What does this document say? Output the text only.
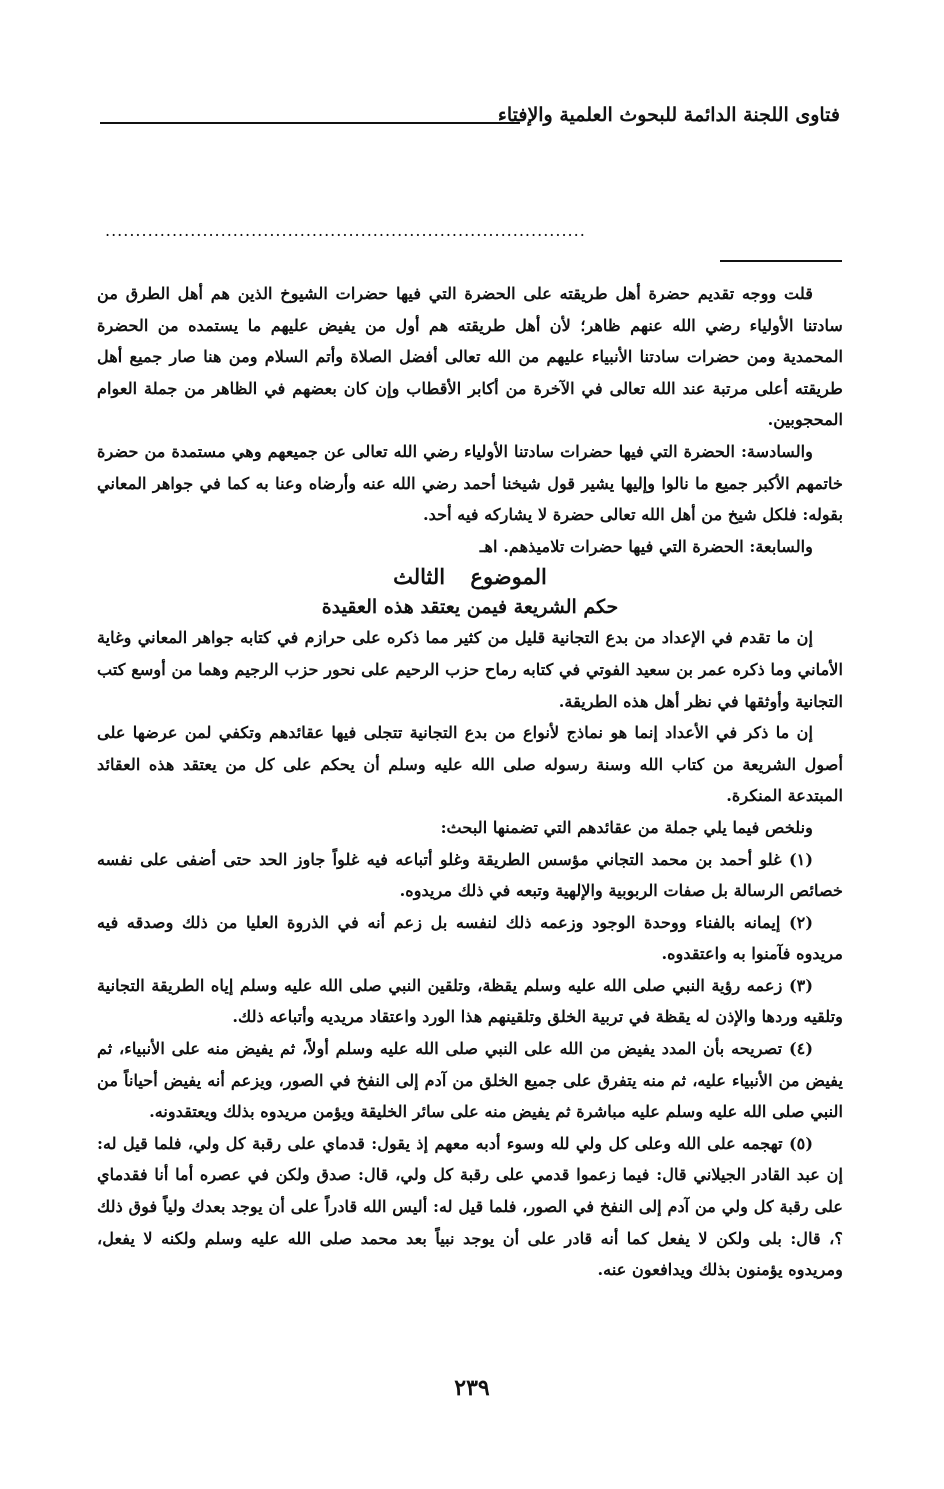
فتاوى اللجنة الدائمة للبحوث العلمية والإفتاء
...............................................................................

قلت ووجه تقديم حضرة أهل طريقته على الحضرة التي فيها حضرات الشيوخ الذين هم أهل الطرق من سادتنا الأولياء رضي الله عنهم ظاهر؛ لأن أهل طريقته هم أول من يفيض عليهم ما يستمده من الحضرة المحمدية ومن حضرات سادتنا الأنبياء عليهم من الله تعالى أفضل الصلاة وأتم السلام ومن هنا صار جميع أهل طريقته أعلى مرتبة عند الله تعالى في الآخرة من أكابر الأقطاب وإن كان بعضهم في الظاهر من جملة العوام المحجوبين.

والسادسة: الحضرة التي فيها حضرات سادتنا الأولياء رضي الله تعالى عن جميعهم وهي مستمدة من حضرة خاتمهم الأكبر جميع ما نالوا وإليها يشير قول شيخنا أحمد رضي الله عنه وأرضاه وعنا به كما في جواهر المعاني بقوله: فلكل شيخ من أهل الله تعالى حضرة لا يشاركه فيه أحد.

والسابعة: الحضرة التي فيها حضرات تلاميذهم. اهـ

الموضوع الثالث
حكم الشريعة فيمن يعتقد هذه العقيدة

إن ما تقدم في الإعداد من بدع التجانية قليل من كثير مما ذكره على حرازم في كتابه جواهر المعاني وغاية الأماني وما ذكره عمر بن سعيد الفوتي في كتابه رماح حزب الرحيم على نحور حزب الرجيم وهما من أوسع كتب التجانية وأوثقها في نظر أهل هذه الطريقة.

إن ما ذكر في الأعداد إنما هو نماذج لأنواع من بدع التجانية تتجلى فيها عقائدهم وتكفي لمن عرضها على أصول الشريعة من كتاب الله وسنة رسوله صلى الله عليه وسلم أن يحكم على كل من يعتقد هذه العقائد المبتدعة المنكرة.

ونلخص فيما يلي جملة من عقائدهم التي تضمنها البحث:

(١) غلو أحمد بن محمد التجاني مؤسس الطريقة وغلو أتباعه فيه غلواً جاوز الحد حتى أضفى على نفسه خصائص الرسالة بل صفات الربوبية والإلهية وتبعه في ذلك مريدوه.

(٢) إيمانه بالفناء ووحدة الوجود وزعمه ذلك لنفسه بل زعم أنه في الذروة العليا من ذلك وصدقه فيه مريدوه فآمنوا به واعتقدوه.

(٣) زعمه رؤية النبي صلى الله عليه وسلم يقظة، وتلقين النبي صلى الله عليه وسلم إياه الطريقة التجانية وتلقيه وردها والإذن له يقظة في تربية الخلق وتلقينهم هذا الورد واعتقاد مريديه وأتباعه ذلك.

(٤) تصريحه بأن المدد يفيض من الله على النبي صلى الله عليه وسلم أولاً، ثم يفيض منه على الأنبياء، ثم يفيض من الأنبياء عليه، ثم منه يتفرق على جميع الخلق من آدم إلى النفخ في الصور، ويزعم أنه يفيض أحياناً من النبي صلى الله عليه وسلم عليه مباشرة ثم يفيض منه على سائر الخليقة ويؤمن مريدوه بذلك ويعتقدونه.

(٥) تهجمه على الله وعلى كل ولي لله وسوء أدبه معهم إذ يقول: قدماي على رقبة كل ولي، فلما قيل له: إن عبد القادر الجيلاني قال: فيما زعموا قدمي على رقبة كل ولي، قال: صدق ولكن في عصره أما أنا فقدماي على رقبة كل ولي من آدم إلى النفخ في الصور، فلما قيل له: أليس الله قادراً على أن يوجد بعدك ولياً فوق ذلك ؟، قال: بلى ولكن لا يفعل كما أنه قادر على أن يوجد نبياً بعد محمد صلى الله عليه وسلم ولكنه لا يفعل، ومريدوه يؤمنون بذلك ويدافعون عنه.

٢٣٩
